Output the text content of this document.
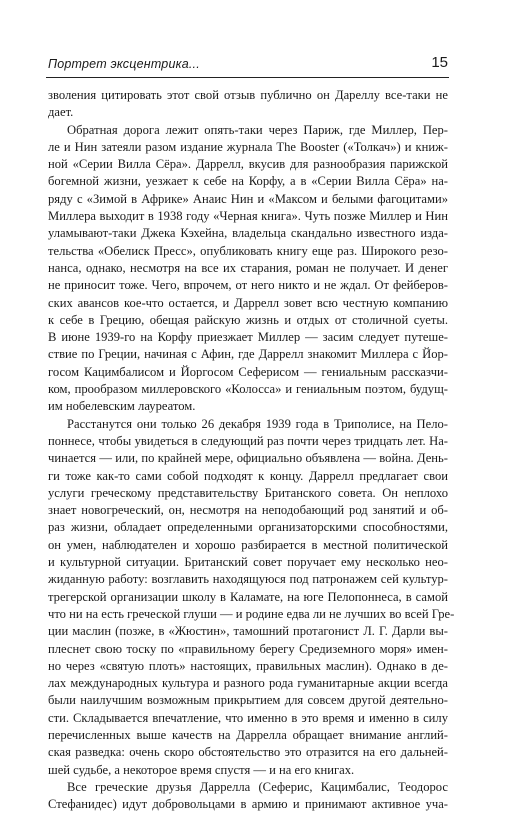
Портрет эксцентрика...	15
зволения цитировать этот свой отзыв публично он Дареллу все-таки не
дает.
Обратная дорога лежит опять-таки через Париж, где Миллер, Пер-
ле и Нин затеяли разом издание журнала The Booster («Толкач») и книж-
ной «Серии Вилла Сёра». Даррелл, вкусив для разнообразия парижской
богемной жизни, уезжает к себе на Корфу, а в «Серии Вилла Сёра» на-
ряду с «Зимой в Африке» Анаис Нин и «Максом и белыми фагоцитами»
Миллера выходит в 1938 году «Черная книга». Чуть позже Миллер и Нин
уламывают-таки Джека Кэхейна, владельца скандально известного изда-
тельства «Обелиск Пресс», опубликовать книгу еще раз. Широкого резо-
нанса, однако, несмотря на все их старания, роман не получает. И денег
не приносит тоже. Чего, впрочем, от него никто и не ждал. От фейберов-
ских авансов кое-что остается, и Даррелл зовет всю честную компанию
к себе в Грецию, обещая райскую жизнь и отдых от столичной суеты.
В июне 1939-го на Корфу приезжает Миллер — засим следует путеше-
ствие по Греции, начиная с Афин, где Даррелл знакомит Миллера с Йор-
госом Кацимбалисом и Йоргосом Сеферисом — гениальным рассказчи-
ком, прообразом миллеровского «Колосса» и гениальным поэтом, будущ-
им нобелевским лауреатом.
Расстанутся они только 26 декабря 1939 года в Триполисе, на Пело-
поннесе, чтобы увидеться в следующий раз почти через тридцать лет. На-
чинается — или, по крайней мере, официально объявлена — война. День-
ги тоже как-то сами собой подходят к концу. Даррелл предлагает свои
услуги греческому представительству Британского совета. Он неплохо
знает новогреческий, он, несмотря на неподобающий род занятий и об-
раз жизни, обладает определенными организаторскими способностями,
он умен, наблюдателен и хорошо разбирается в местной политической
и культурной ситуации. Британский совет поручает ему несколько нео-
жиданную работу: возглавить находящуюся под патронажем сей культур-
трегерской организации школу в Каламате, на юге Пелопоннеса, в самой
что ни на есть греческой глуши — и родине едва ли не лучших во всей Гре-
ции маслин (позже, в «Жюстин», тамошний протагонист Л. Г. Дарли вы-
плеснет свою тоску по «правильному берегу Средиземного моря» имен-
но через «святую плоть» настоящих, правильных маслин). Однако в де-
лах международных культура и разного рода гуманитарные акции всегда
были наилучшим возможным прикрытием для совсем другой деятельно-
сти. Складывается впечатление, что именно в это время и именно в силу
перечисленных выше качеств на Даррелла обращает внимание англий-
ская разведка: очень скоро обстоятельство это отразится на его дальней-
шей судьбе, а некоторое время спустя — и на его книгах.
Все греческие друзья Даррелла (Сеферис, Кацимбалис, Теодорос
Стефанидес) идут добровольцами в армию и принимают активное уча-
